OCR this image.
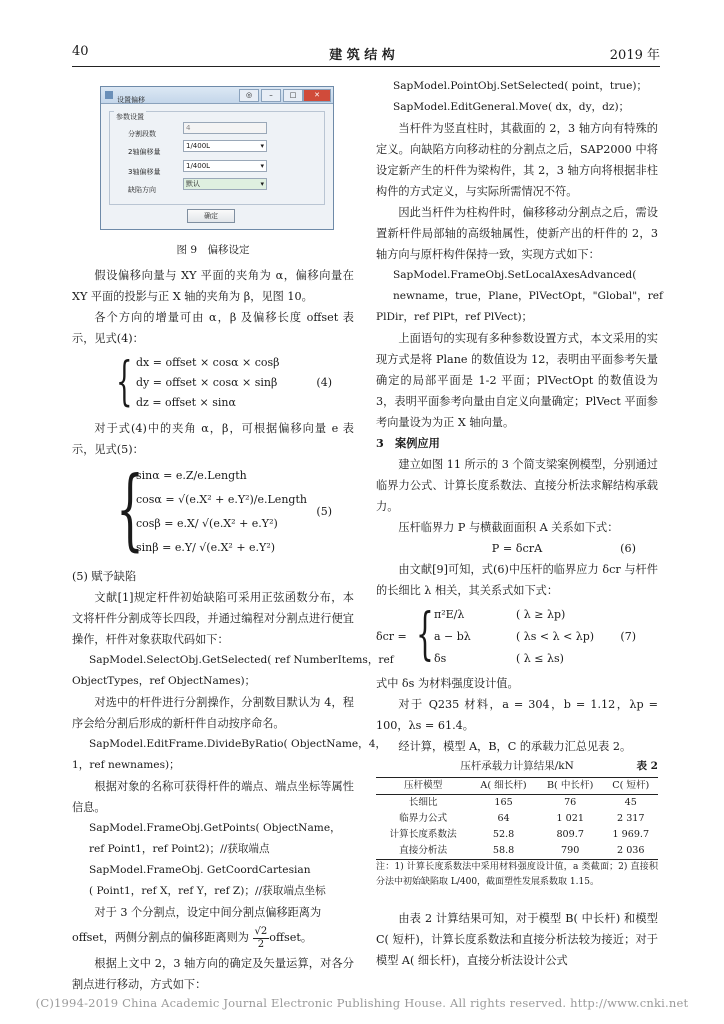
40	建 筑 结 构	2019 年
设置偏移
◎	–	□	✕
参数设置
分割段数
4
2轴偏移量
1/400L ▾
3轴偏移量
1/400L ▾
缺陷方向
默认 ▾
确定
图 9　偏移设定

假设偏移向量与 XY 平面的夹角为 α，偏移向量在 XY 平面的投影与正 X 轴的夹角为 β，见图 10。

各个方向的增量可由 α，β 及偏移长度 offset 表示，见式(4)：

{ dx = offset × cosα × cosβ
dy = offset × cosα × sinβ
dz = offset × sinα
(4)

对于式(4)中的夹角 α，β，可根据偏移向量 e 表示，见式(5)：

{
sinα = e.Z/e.Length
cosα = √(e.X² + e.Y²)/e.Length
cosβ = e.X/ √(e.X² + e.Y²)
sinβ = e.Y/ √(e.X² + e.Y²)
(5)

(5) 赋予缺陷

文献[1]规定杆件初始缺陷可采用正弦函数分布，本文将杆件分割成等长四段，并通过编程对分割点进行便宜操作，杆件对象获取代码如下：

SapModel.SelectObj.GetSelected( ref NumberItems，ref

ObjectTypes，ref ObjectNames)；

对选中的杆件进行分割操作，分割数目默认为 4，程序会给分割后形成的新杆件自动按序命名。

SapModel.EditFrame.DivideByRatio( ObjectName，4，

1，ref newnames)；

根据对象的名称可获得杆件的端点、端点坐标等属性信息。

SapModel.FrameObj.GetPoints( ObjectName，

ref Point1，ref Point2)；//获取端点

SapModel.FrameObj. GetCoordCartesian

( Point1，ref X，ref Y，ref Z)；//获取端点坐标

对于 3 个分割点，设定中间分割点偏移距离为

offset，两侧分割点的偏移距离则为 $\frac{√2}{2}$ offset。

根据上文中 2，3 轴方向的确定及矢量运算，对各分割点进行移动，方式如下：

SapModel.PointObj.SetSelected( point，true)；

SapModel.EditGeneral.Move( dx，dy，dz)；

当杆件为竖直柱时，其截面的 2，3 轴方向有特殊的定义。向缺陷方向移动柱的分割点之后，SAP2000 中将设定新产生的杆件为梁构件，其 2，3 轴方向将根据非柱构件的方式定义，与实际所需情况不符。

因此当杆件为柱构件时，偏移移动分割点之后，需设置新杆件局部轴的高级轴属性，使新产出的杆件的 2，3 轴方向与原杆构件保持一致，实现方式如下：

SapModel.FrameObj.SetLocalAxesAdvanced(

newname，true，Plane，PlVectOpt，"Global"，ref

PlDir，ref PlPt，ref PlVect)；

上面语句的实现有多种参数设置方式，本文采用的实现方式是将 Plane 的数值设为 12，表明由平面参考矢量确定的局部平面是 1-2 平面；PlVectOpt 的数值设为 3，表明平面参考向量由自定义向量确定；PlVect 平面参考向量设为为正 X 轴向量。

3　 案例应用

建立如图 11 所示的 3 个简支梁案例模型，分别通过临界力公式、计算长度系数法、直接分析法求解结构承载力。

压杆临界力 P 与横截面面积 A 关系如下式：

P = δcrA	(6)

由文献[9]可知，式(6)中压杆的临界应力 δcr 与杆件的长细比 λ 相关，其关系式如下式：

δcr = { π²E/λ	( λ ≥ λp)
a − bλ	( λs < λ < λp)
δs	( λ ≤ λs)
(7)

式中 δs 为材料强度设计值。

对于 Q235 材料，a = 304，b = 1.12，λp = 100，λs = 61.4。

经计算，模型 A，B，C 的承载力汇总见表 2。

压杆承载力计算结果/kN	表 2
压杆模型	A( 细长杆)	B( 中长杆)	C( 短杆)
长细比	165	76	45
临界力公式	64	1 021	2 317
计算长度系数法	52.8	809.7	1 969.7
直接分析法	58.8	790	2 036

注：1) 计算长度系数法中采用材料强度设计值，a 类截面；2) 直接积分法中初始缺陷取 L/400，截面塑性发展系数取 1.15。

由表 2 计算结果可知，对于模型 B( 中长杆) 和模型 C( 短杆)，计算长度系数法和直接分析法较为接近；对于模型 A( 细长杆)，直接分析法设计公式

(C)1994-2019 China Academic Journal Electronic Publishing House. All rights reserved. http://www.cnki.net
